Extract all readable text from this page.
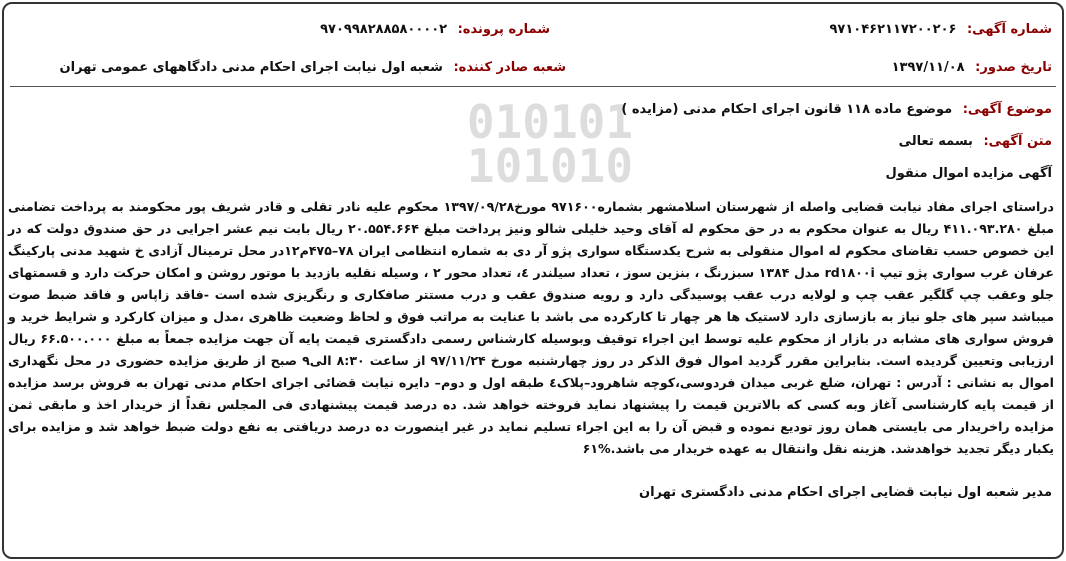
010101
101010
شماره آگهی: ۹۷۱۰۴۶۲۱۱۷۲۰۰۲۰۶
شماره پرونده: ۹۷۰۹۹۸۲۸۸۵۸۰۰۰۰۲
تاریخ صدور: ۱۳۹۷/۱۱/۰۸
شعبه صادر کننده: شعبه اول نیابت اجرای احکام مدنی دادگاههای عمومی تهران
موضوع آگهی: موضوع ماده ۱۱۸ قانون اجرای احکام مدنی (مزایده )
متن آگهی: بسمه تعالی
آگهی مزایده اموال منقول
دراستای اجرای مفاد نیابت قضایی واصله از شهرستان اسلامشهر بشماره۹۷۱۶۰۰ مورخ۱۳۹۷/۰۹/۲۸ محکوم علیه نادر تقلی و قادر شریف پور محکومند به پرداخت تضامنی مبلغ ۴۱۱.۰۹۳.۲۸۰ ریال به عنوان محکوم به در حق محکوم له آقای وحید خلیلی شالو ونیز پرداخت مبلغ ۲۰.۵۵۴.۶۶۴ ریال بابت نیم عشر اجرایی در حق صندوق دولت که در این خصوص حسب تقاضای محکوم له اموال منقولی به شرح یکدستگاه سواری پژو آر دی به شماره انتظامی ایران ۷۸–۴۷۵م۱۲در محل ترمینال آزادی خ شهید مدنی پارکینگ عرفان غرب سواری پژو تیپ rd۱۸۰۰i مدل ۱۳۸۴ سبزرنگ ، بنزین سوز ، تعداد سیلندر ٤، تعداد محور ۲ ، وسیله نقلیه بازدید با موتور روشن و امکان حرکت دارد و قسمتهای جلو وعقب چپ گلگیر عقب چپ و لولایه درب عقب پوسیدگی دارد و رویه صندوق عقب و درب مستتر صافکاری و رنگریزی شده است -فاقد زاپاس و فاقد ضبط صوت میباشد سپر های جلو نیاز به بازسازی دارد لاستیک ها هر چهار تا کارکرده می باشد با عنایت به مراتب فوق و لحاظ وضعیت ظاهری ،مدل و میزان کارکرد و شرایط خرید و فروش سواری های مشابه در بازار از محکوم علیه توسط این اجراء توقیف وبوسیله کارشناس رسمی دادگستری قیمت پایه آن جهت مزایده جمعاً به مبلغ ۶۶.۵۰۰.۰۰۰ ریال ارزیابی وتعیین گردیده است. بنابراین مقرر گردید اموال فوق الذکر در روز چهارشنبه مورخ ۹۷/۱۱/۲۴ از ساعت ۸:۳۰ الی۹ صبح از طریق مزایده حضوری در محل نگهداری اموال به نشانی : آدرس : تهران، ضلع غربی میدان فردوسی،کوچه شاهرود–پلاک٤ طبقه اول و دوم– دایره نیابت قضائی اجرای احکام مدنی تهران به فروش برسد مزایده از قیمت پایه کارشناسی آغاز وبه کسی که بالاترین قیمت را پیشنهاد نماید فروخته خواهد شد. ده درصد قیمت پیشنهادی فی المجلس نقداً از خریدار اخذ و مابقی ثمن مزایده راخریدار می بایستی همان روز تودیع نموده و قبض آن را به این اجراء تسلیم نماید در غیر اینصورت ده درصد دریافتی به نفع دولت ضبط خواهد شد و مزایده برای یکبار دیگر تجدید خواهدشد. هزینه نقل وانتقال به عهده خریدار می باشد.%۶۱
مدیر شعبه اول نیابت قضایی اجرای احکام مدنی دادگستری تهران
